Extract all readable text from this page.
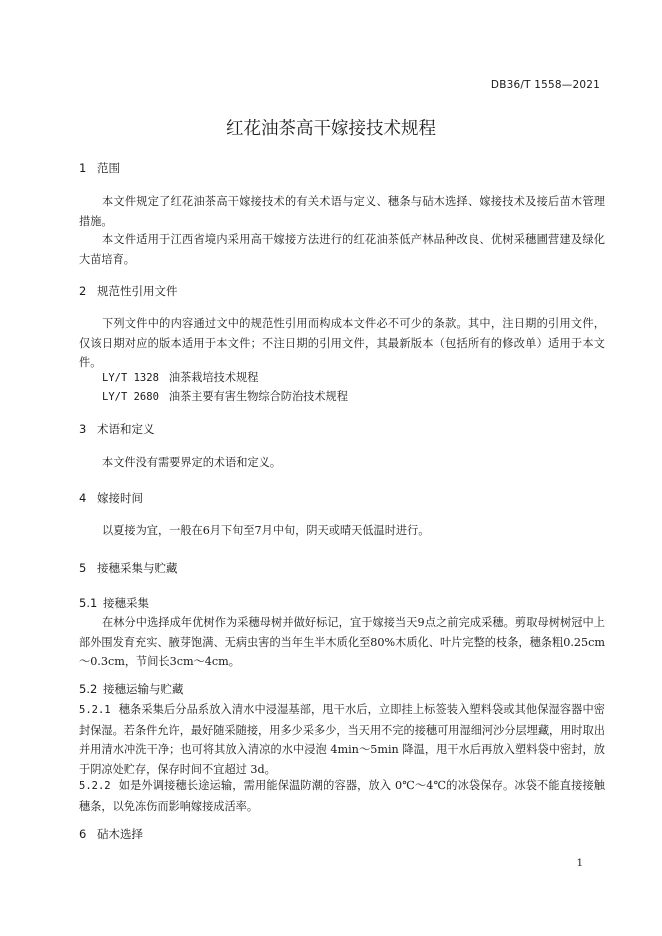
DB36/T 1558—2021
红花油茶高干嫁接技术规程
1 范围

本文件规定了红花油茶高干嫁接技术的有关术语与定义、穗条与砧木选择、嫁接技术及接后苗木管理措施。

本文件适用于江西省境内采用高干嫁接方法进行的红花油茶低产林品种改良、优树采穗圃营建及绿化大苗培育。

2 规范性引用文件

下列文件中的内容通过文中的规范性引用而构成本文件必不可少的条款。其中，注日期的引用文件，仅该日期对应的版本适用于本文件；不注日期的引用文件，其最新版本（包括所有的修改单）适用于本文件。

LY/T 1328 油茶栽培技术规程
LY/T 2680 油茶主要有害生物综合防治技术规程
3 术语和定义

本文件没有需要界定的术语和定义。

4 嫁接时间

以夏接为宜，一般在6月下旬至7月中旬，阴天或晴天低温时进行。

5 接穗采集与贮藏
5.1 接穗采集

在林分中选择成年优树作为采穗母树并做好标记，宜于嫁接当天9点之前完成采穗。剪取母树树冠中上部外围发育充实、腋芽饱满、无病虫害的当年生半木质化至80%木质化、叶片完整的枝条，穗条粗0.25cm～0.3cm，节间长3cm～4cm。

5.2 接穗运输与贮藏

5.2.1 穗条采集后分品系放入清水中浸湿基部，甩干水后，立即挂上标签装入塑料袋或其他保湿容器中密封保湿。若条件允许，最好随采随接，用多少采多少，当天用不完的接穗可用湿细河沙分层埋藏，用时取出并用清水冲洗干净；也可将其放入清凉的水中浸泡 4min～5min 降温，甩干水后再放入塑料袋中密封，放于阴凉处贮存，保存时间不宜超过 3d。

5.2.2 如是外调接穗长途运输，需用能保温防潮的容器，放入 0℃～4℃的冰袋保存。冰袋不能直接接触穗条，以免冻伤而影响嫁接成活率。

6 砧木选择
1
